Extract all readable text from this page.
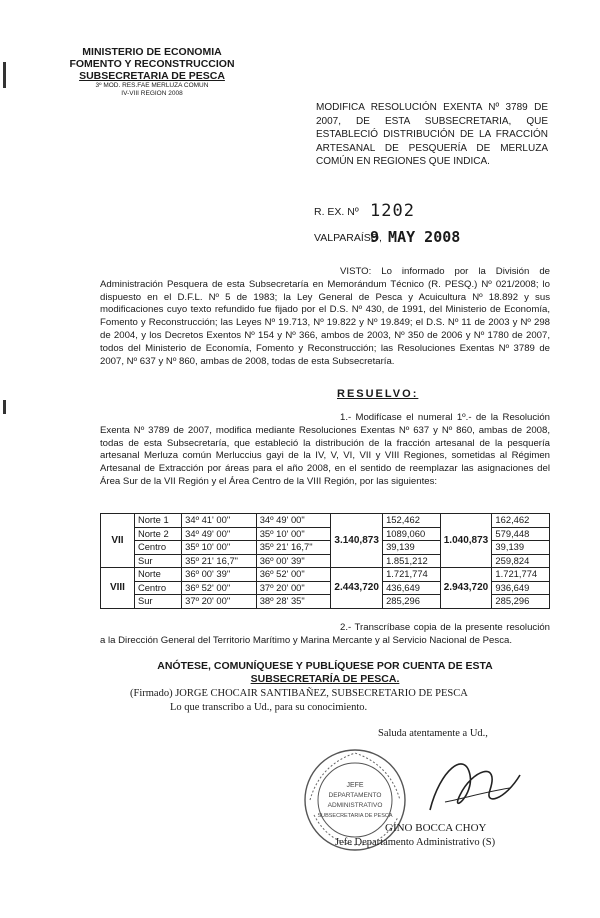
MINISTERIO DE ECONOMIA
FOMENTO Y RECONSTRUCCION
SUBSECRETARIA DE PESCA
3º MOD. RES.FAE MERLUZA COMUN
IV-VIII REGION 2008
MODIFICA RESOLUCIÓN EXENTA Nº 3789 DE 2007, DE ESTA SUBSECRETARIA, QUE ESTABLECIÓ DISTRIBUCIÓN DE LA FRACCIÓN ARTESANAL DE PESQUERÍA DE MERLUZA COMÚN EN REGIONES QUE INDICA.
R. EX. Nº 1202
VALPARAÍSO,
9 MAY 2008
VISTO: Lo informado por la División de Administración Pesquera de esta Subsecretaría en Memorándum Técnico (R. PESQ.) Nº 021/2008; lo dispuesto en el D.F.L. Nº 5 de 1983; la Ley General de Pesca y Acuicultura Nº 18.892 y sus modificaciones cuyo texto refundido fue fijado por el D.S. Nº 430, de 1991, del Ministerio de Economía, Fomento y Reconstrucción; las Leyes Nº 19.713, Nº 19.822 y Nº 19.849; el D.S. Nº 11 de 2003 y Nº 298 de 2004, y los Decretos Exentos Nº 154 y Nº 366, ambos de 2003, Nº 350 de 2006 y Nº 1780 de 2007, todos del Ministerio de Economía, Fomento y Reconstrucción; las Resoluciones Exentas Nº 3789 de 2007, Nº 637 y Nº 860, ambas de 2008, todas de esta Subsecretaría.
RESUELVO:
1.- Modifícase el numeral 1º.- de la Resolución Exenta Nº 3789 de 2007, modifica mediante Resoluciones Exentas Nº 637 y Nº 860, ambas de 2008, todas de esta Subsecretaría, que estableció la distribución de la fracción artesanal de la pesquería artesanal Merluza común Merluccius gayi de la IV, V, VI, VII y VIII Regiones, sometidas al Régimen Artesanal de Extracción por áreas para el año 2008, en el sentido de reemplazar las asignaciones del Área Sur de la VII Región y el Área Centro de la VIII Región, por las siguientes:
VII	Norte 1	34º 41' 00"	34º 49' 00"	3.140,873	152,462	1.040,873	162,462
	Norte 2	34º 49' 00"	35º 10' 00"		1089,060		579,448
	Centro	35º 10' 00"	35º 21' 16,7"		39,139		39,139
	Sur	35º 21' 16,7"	36º 00' 39"		1.851,212		259,824
VIII	Norte	36º 00' 39"	36º 52' 00"	2.443,720	1.721,774	2.943,720	1.721,774
	Centro	36º 52' 00"	37º 20' 00"		436,649		936,649
	Sur	37º 20' 00"	38º 28' 35"		285,296		285,296
2.- Transcríbase copia de la presente resolución a la Dirección General del Territorio Marítimo y Marina Mercante y al Servicio Nacional de Pesca.
ANÓTESE, COMUNÍQUESE Y PUBLÍQUESE POR CUENTA DE ESTA
SUBSECRETARÍA DE PESCA.
(Firmado) JORGE CHOCAIR SANTIBAÑEZ, SUBSECRETARIO DE PESCA
Lo que transcribo a Ud., para su conocimiento.
Saluda atentamente a Ud.,
JEFE
DEPARTAMENTO
ADMINISTRATIVO
SUBSECRETARIA DE PESCA
GINO BOCCA CHOY
Jefe Departamento Administrativo (S)
